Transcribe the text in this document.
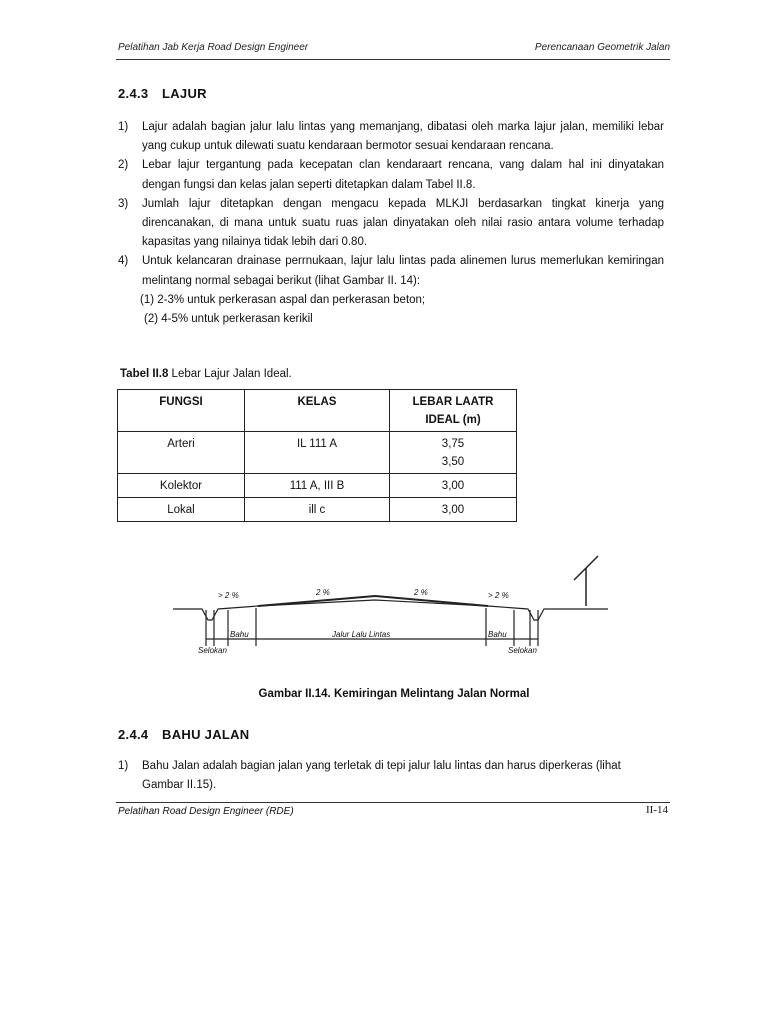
Pelatihan Jab Kerja Road Design Engineer	Perencanaan Geometrik Jalan
2.4.3 LAJUR
1) Lajur adalah bagian jalur lalu lintas yang memanjang, dibatasi oleh marka lajur jalan, memiliki lebar yang cukup untuk dilewati suatu kendaraan bermotor sesuai kendaraan rencana.
2) Lebar lajur tergantung pada kecepatan clan kendaraart rencana, vang dalam hal ini dinyatakan dengan fungsi dan kelas jalan seperti ditetapkan dalam Tabel II.8.
3) Jumlah lajur ditetapkan dengan mengacu kepada MLKJI berdasarkan tingkat kinerja yang direncanakan, di mana untuk suatu ruas jalan dinyatakan oleh nilai rasio antara volume terhadap kapasitas yang nilainya tidak lebih dari 0.80.
4) Untuk kelancaran drainase perrnukaan, lajur lalu lintas pada alinemen lurus memerlukan kemiringan melintang normal sebagai berikut (lihat Gambar II. 14):
(1) 2-3% untuk perkerasan aspal dan perkerasan beton;
(2) 4-5% untuk perkerasan kerikil
Tabel II.8 Lebar Lajur Jalan Ideal.
FUNGSI	KELAS	LEBAR LAATR
IDEAL (m)
Arteri	IL 111 A	3,75
3,50
Kolektor	111 A, III B	3,00
Lokal	ill c	3,00
> 2 %	2 %	2 %	> 2 %
Bahu	Jalur Lalu Lintas	Bahu
Selokan	Selokan
Gambar II.14. Kemiringan Melintang Jalan Normal
2.4.4 BAHU JALAN
1) Bahu Jalan adalah bagian jalan yang terletak di tepi jalur lalu lintas dan harus diperkeras (lihat Gambar II.15).
Pelatihan Road Design Engineer (RDE)	II-14
